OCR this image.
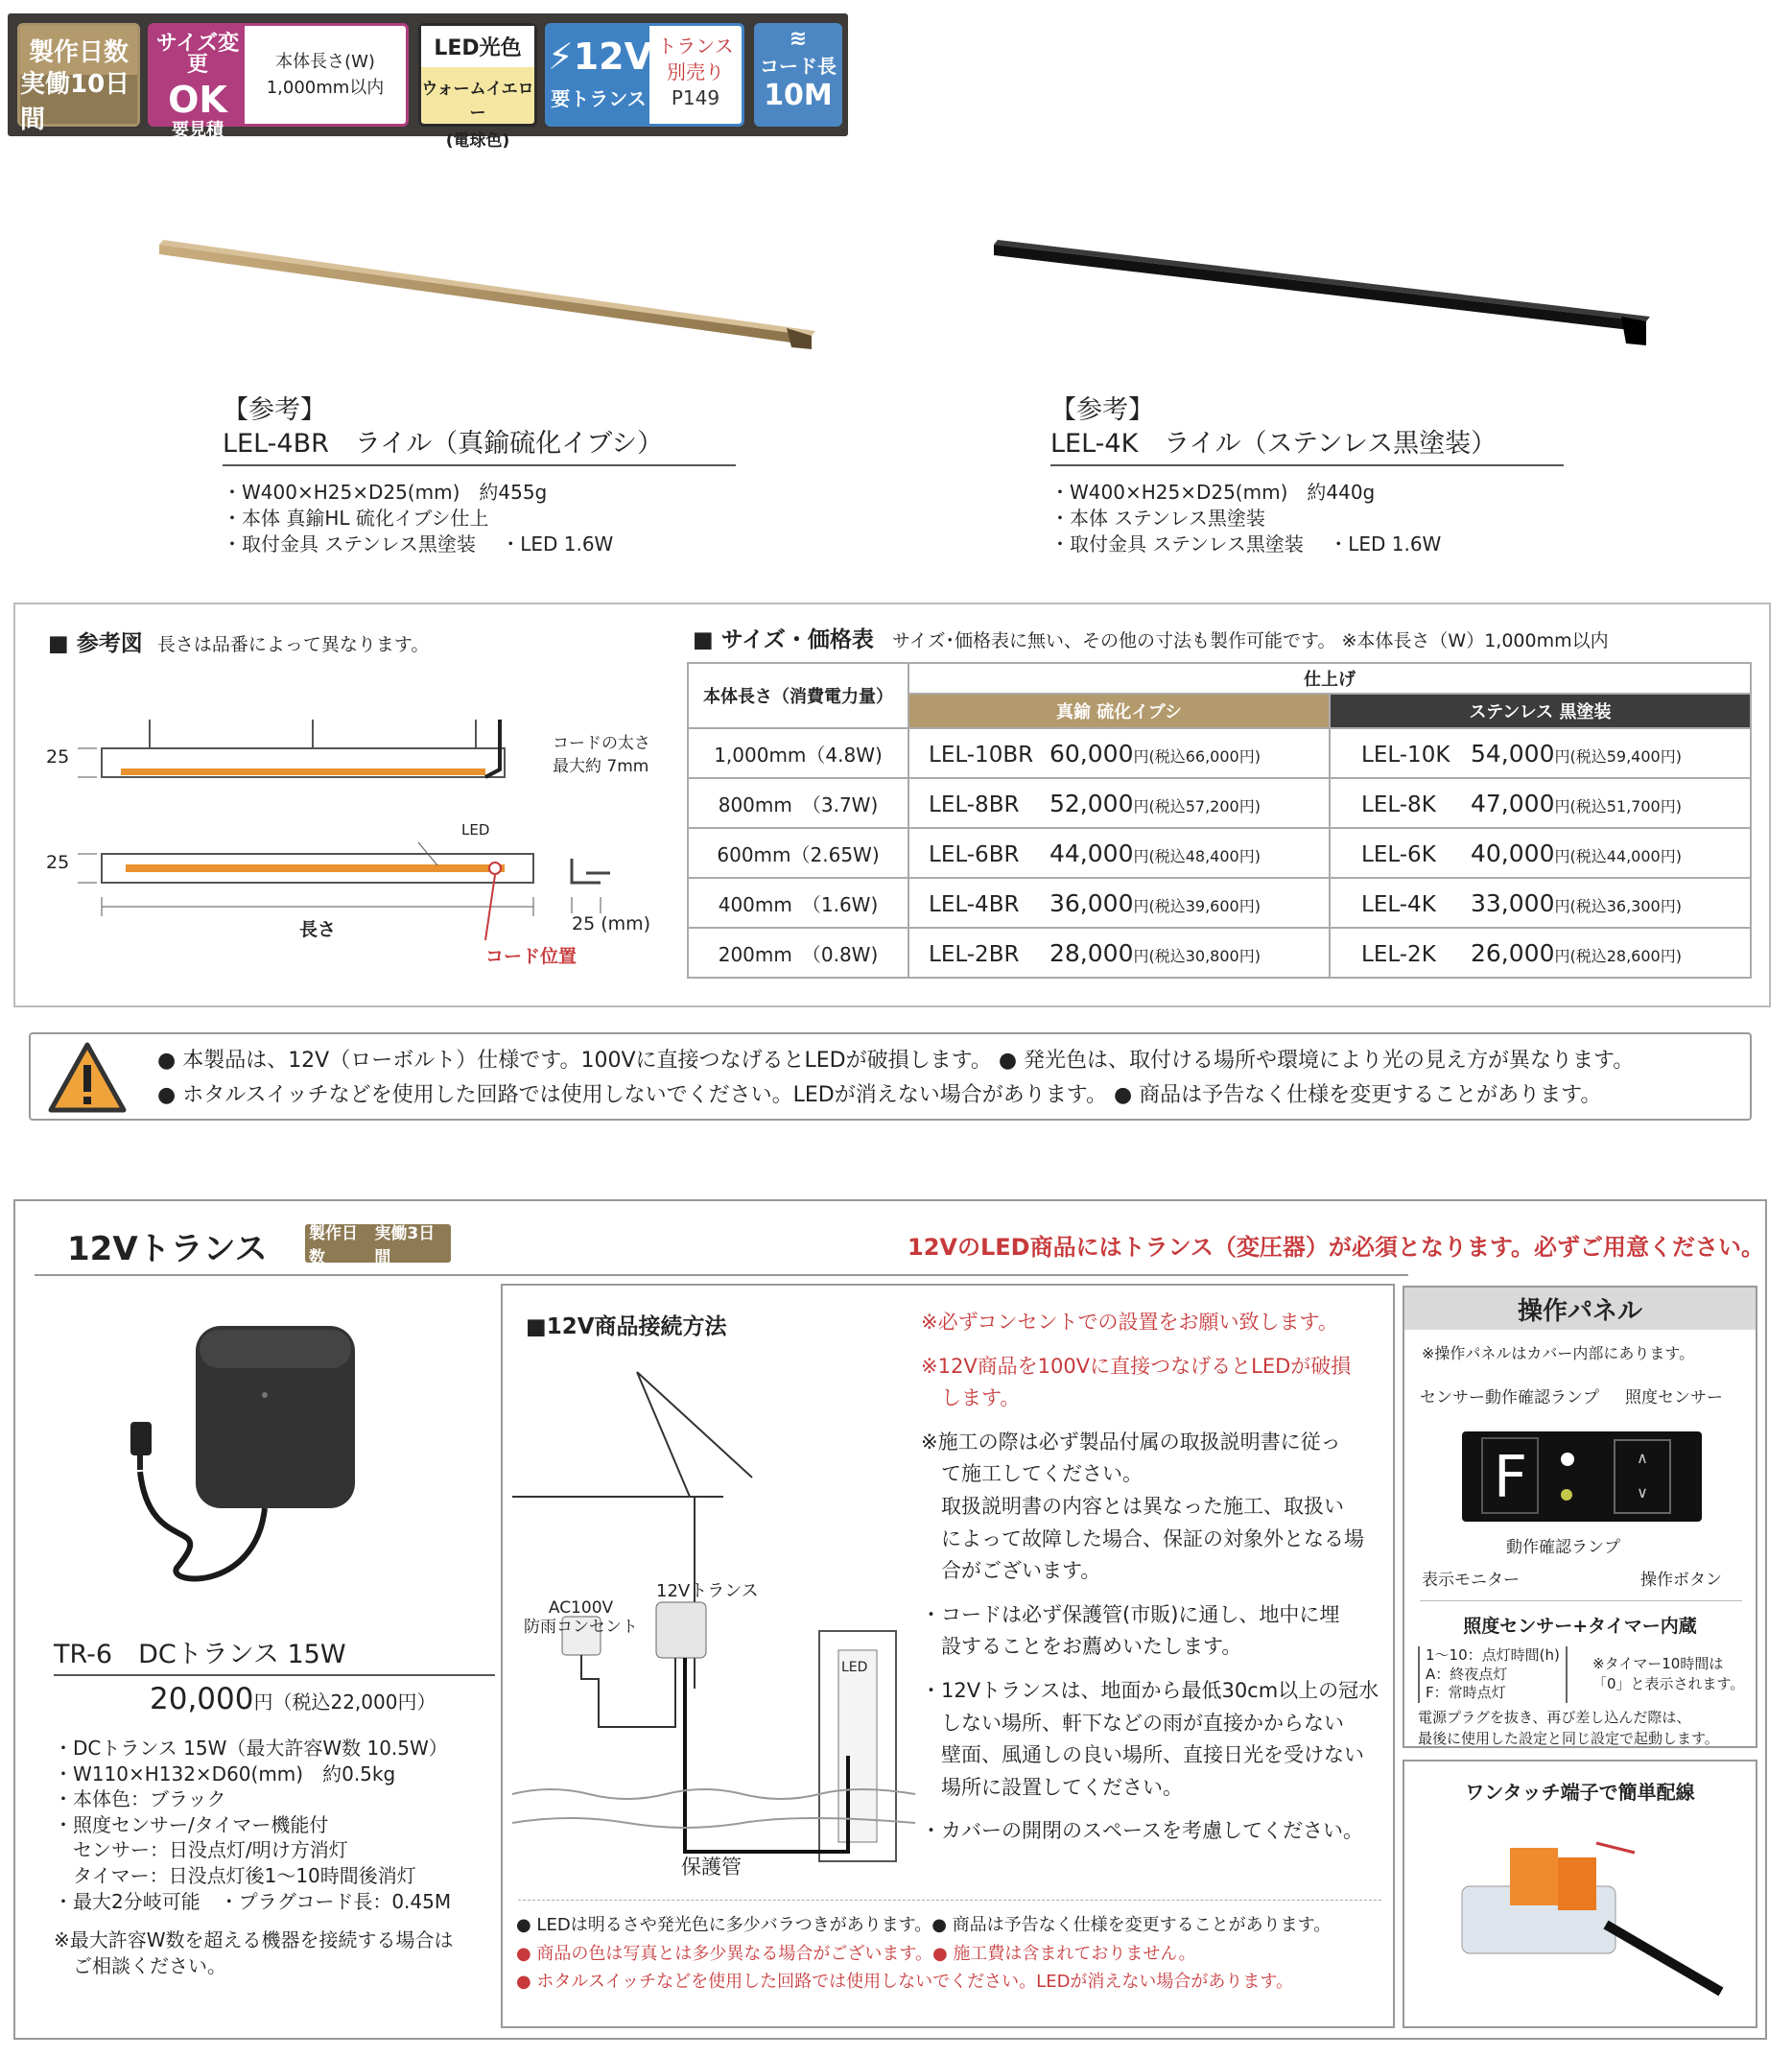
製作日数
実働10日間
サイズ変更
OK
要見積
本体長さ(W)
1,000mm以内
LED光色
ウォームイエロー
(電球色)
⚡12V
要トランス
トランス
別売り
P149
≋
コード長
10M
【参考】
LEL-4BR　ライル（真鍮硫化イブシ）
・W400×H25×D25(mm)　約455g
・本体 真鍮HL 硫化イブシ仕上
・取付金具 ステンレス黒塗装　 ・LED 1.6W
【参考】
LEL-4K　ライル（ステンレス黒塗装）
・W400×H25×D25(mm)　約440g
・本体 ステンレス黒塗装
・取付金具 ステンレス黒塗装　 ・LED 1.6W
■ 参考図 長さは品番によって異なります。
25
25
コードの太さ
最大約 7mm
LED
長さ
コード位置
25 (mm)
■ サイズ・価格表 サイズ･価格表に無い、その他の寸法も製作可能です。 ※本体長さ（W）1,000mm以内
本体長さ（消費電力量）	仕上げ	
	真鍮 硫化イブシ	ステンレス 黒塗装
1,000mm（4.8W)	LEL-10BR 60,000円(税込66,000円)	LEL-10K 54,000円(税込59,400円)
800mm　（3.7W)	LEL-8BR 52,000円(税込57,200円)	LEL-8K 47,000円(税込51,700円)
600mm（2.65W)	LEL-6BR 44,000円(税込48,400円)	LEL-6K 40,000円(税込44,000円)
400mm　（1.6W)	LEL-4BR 36,000円(税込39,600円)	LEL-4K 33,000円(税込36,300円)
200mm　（0.8W)	LEL-2BR 28,000円(税込30,800円)	LEL-2K 26,000円(税込28,600円)
● 本製品は、12V（ローボルト）仕様です。100Vに直接つなげるとLEDが破損します。 ● 発光色は、取付ける場所や環境により光の見え方が異なります。
● ホタルスイッチなどを使用した回路では使用しないでください。LEDが消えない場合があります。 ● 商品は予告なく仕様を変更することがあります。
12Vトランス	製作日数
実働3日間	12VのLED商品にはトランス（変圧器）が必須となります。必ずご用意ください。
TR-6　DCトランス 15W
20,000円（税込22,000円）
・DCトランス 15W（最大許容W数 10.5W）
・W110×H132×D60(mm)　約0.5kg
・本体色：ブラック
・照度センサー/タイマー機能付
　センサー：日没点灯/明け方消灯
　タイマー：日没点灯後1〜10時間後消灯
・最大2分岐可能　・プラグコード長：0.45M
※最大許容W数を超える機器を接続する場合は
　ご相談ください。
■12V商品接続方法
AC100V
防雨コンセント
12Vトランス
保護管
LED
※必ずコンセントでの設置をお願い致します。
※12V商品を100Vに直接つなげるとLEDが破損
　します。
※施工の際は必ず製品付属の取扱説明書に従っ
　て施工してください。
　取扱説明書の内容とは異なった施工、取扱い
　によって故障した場合、保証の対象外となる場
　合がございます。
・コードは必ず保護管(市販)に通し、地中に埋
　設することをお薦めいたします。
・12Vトランスは、地面から最低30cm以上の冠水
　しない場所、軒下などの雨が直接かからない
　壁面、風通しの良い場所、直接日光を受けない
　場所に設置してください。
・カバーの開閉のスペースを考慮してください。
● LEDは明るさや発光色に多少バラつきがあります。● 商品は予告なく仕様を変更することがあります。
● 商品の色は写真とは多少異なる場合がございます。● 施工費は含まれておりません。
● ホタルスイッチなどを使用した回路では使用しないでください。LEDが消えない場合があります。
操作パネル
※操作パネルはカバー内部にあります。
センサー動作確認ランプ 照度センサー
F	∧
∨
動作確認ランプ
表示モニター	操作ボタン
照度センサー+タイマー内蔵
1〜10：点灯時間(h)
A：終夜点灯
F：常時点灯
※タイマー10時間は
「0」と表示されます。
電源プラグを抜き、再び差し込んだ際は、
最後に使用した設定と同じ設定で起動します。
ワンタッチ端子で簡単配線
